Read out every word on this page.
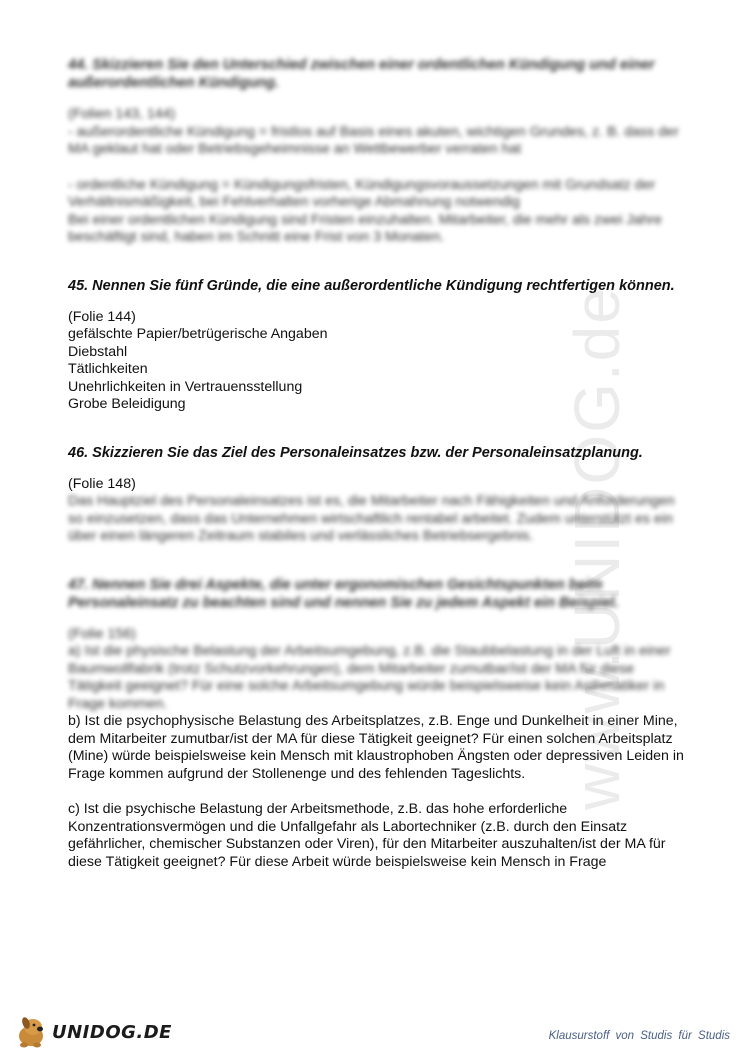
www.UNIDOG.de
44. Skizzieren Sie den Unterschied zwischen einer ordentlichen Kündigung und einer außerordentlichen Kündigung.

(Folien 143, 144)

- außerordentliche Kündigung = fristlos auf Basis eines akuten, wichtigen Grundes, z. B. dass der MA geklaut hat oder Betriebsgeheimnisse an Wettbewerber verraten hat

- ordentliche Kündigung = Kündigungsfristen, Kündigungsvoraussetzungen mit Grundsatz der Verhältnismäßigkeit, bei Fehlverhalten vorherige Abmahnung notwendig

Bei einer ordentlichen Kündigung sind Fristen einzuhalten. Mitarbeiter, die mehr als zwei Jahre beschäftigt sind, haben im Schnitt eine Frist von 3 Monaten.

45. Nennen Sie fünf Gründe, die eine außerordentliche Kündigung rechtfertigen können.

(Folie 144)

gefälschte Papier/betrügerische Angaben

Diebstahl

Tätlichkeiten

Unehrlichkeiten in Vertrauensstellung

Grobe Beleidigung

46. Skizzieren Sie das Ziel des Personaleinsatzes bzw. der Personaleinsatzplanung.

(Folie 148)

Das Hauptziel des Personaleinsatzes ist es, die Mitarbeiter nach Fähigkeiten und Anforderungen so einzusetzen, dass das Unternehmen wirtschaftlich rentabel arbeitet. Zudem unterstützt es ein über einen längeren Zeitraum stabiles und verlässliches Betriebsergebnis.

47. Nennen Sie drei Aspekte, die unter ergonomischen Gesichtspunkten beim Personaleinsatz zu beachten sind und nennen Sie zu jedem Aspekt ein Beispiel.

(Folie 156)

a) Ist die physische Belastung der Arbeitsumgebung, z.B. die Staubbelastung in der Luft in einer Baumwollfabrik (trotz Schutzvorkehrungen), dem Mitarbeiter zumutbar/ist der MA für diese Tätigkeit geeignet? Für eine solche Arbeitsumgebung würde beispielsweise kein Asthmatiker in Frage kommen.

b) Ist die psychophysische Belastung des Arbeitsplatzes, z.B. Enge und Dunkelheit in einer Mine, dem Mitarbeiter zumutbar/ist der MA für diese Tätigkeit geeignet? Für einen solchen Arbeitsplatz (Mine) würde beispielsweise kein Mensch mit klaustrophoben Ängsten oder depressiven Leiden in Frage kommen aufgrund der Stollenenge und des fehlenden Tageslichts.

c) Ist die psychische Belastung der Arbeitsmethode, z.B. das hohe erforderliche Konzentrationsvermögen und die Unfallgefahr als Labortechniker (z.B. durch den Einsatz gefährlicher, chemischer Substanzen oder Viren), für den Mitarbeiter auszuhalten/ist der MA für diese Tätigkeit geeignet? Für diese Arbeit würde beispielsweise kein Mensch in Frage

UNIDOG.DE	Klausurstoff von Studis für Studis
